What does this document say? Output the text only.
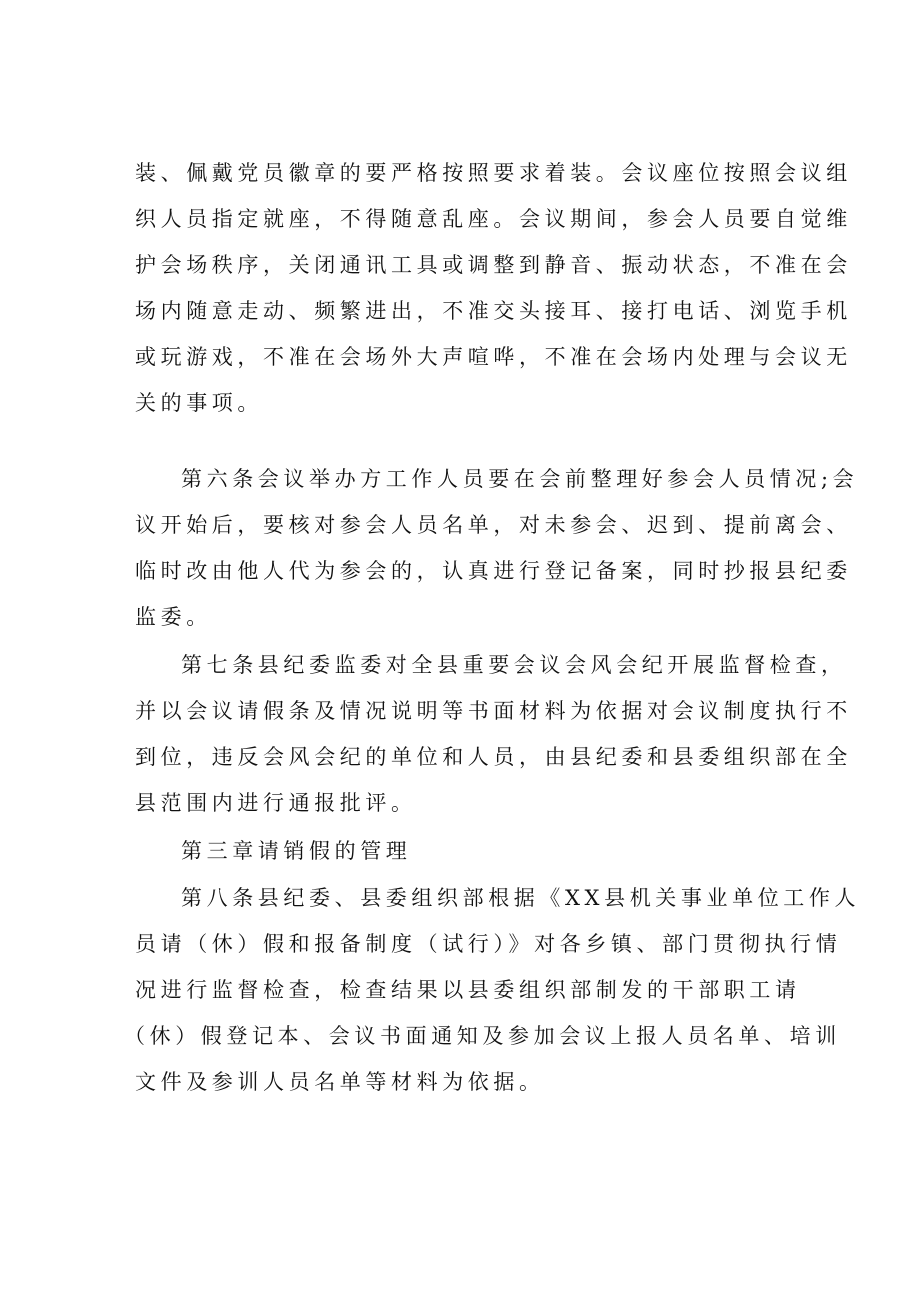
装、佩戴党员徽章的要严格按照要求着装。会议座位按照会议组
织人员指定就座，不得随意乱座。会议期间，参会人员要自觉维
护会场秩序，关闭通讯工具或调整到静音、振动状态，不准在会
场内随意走动、频繁进出，不准交头接耳、接打电话、浏览手机
或玩游戏，不准在会场外大声喧哗，不准在会场内处理与会议无
关的事项。
第六条会议举办方工作人员要在会前整理好参会人员情况;会
议开始后，要核对参会人员名单，对未参会、迟到、提前离会、
临时改由他人代为参会的，认真进行登记备案，同时抄报县纪委
监委。
第七条县纪委监委对全县重要会议会风会纪开展监督检查，
并以会议请假条及情况说明等书面材料为依据对会议制度执行不
到位，违反会风会纪的单位和人员，由县纪委和县委组织部在全
县范围内进行通报批评。
第三章请销假的管理
第八条县纪委、县委组织部根据《XX县机关事业单位工作人
员请（休）假和报备制度（试行）》对各乡镇、部门贯彻执行情
况进行监督检查，检查结果以县委组织部制发的干部职工请
（休）假登记本、会议书面通知及参加会议上报人员名单、培训
文件及参训人员名单等材料为依据。
